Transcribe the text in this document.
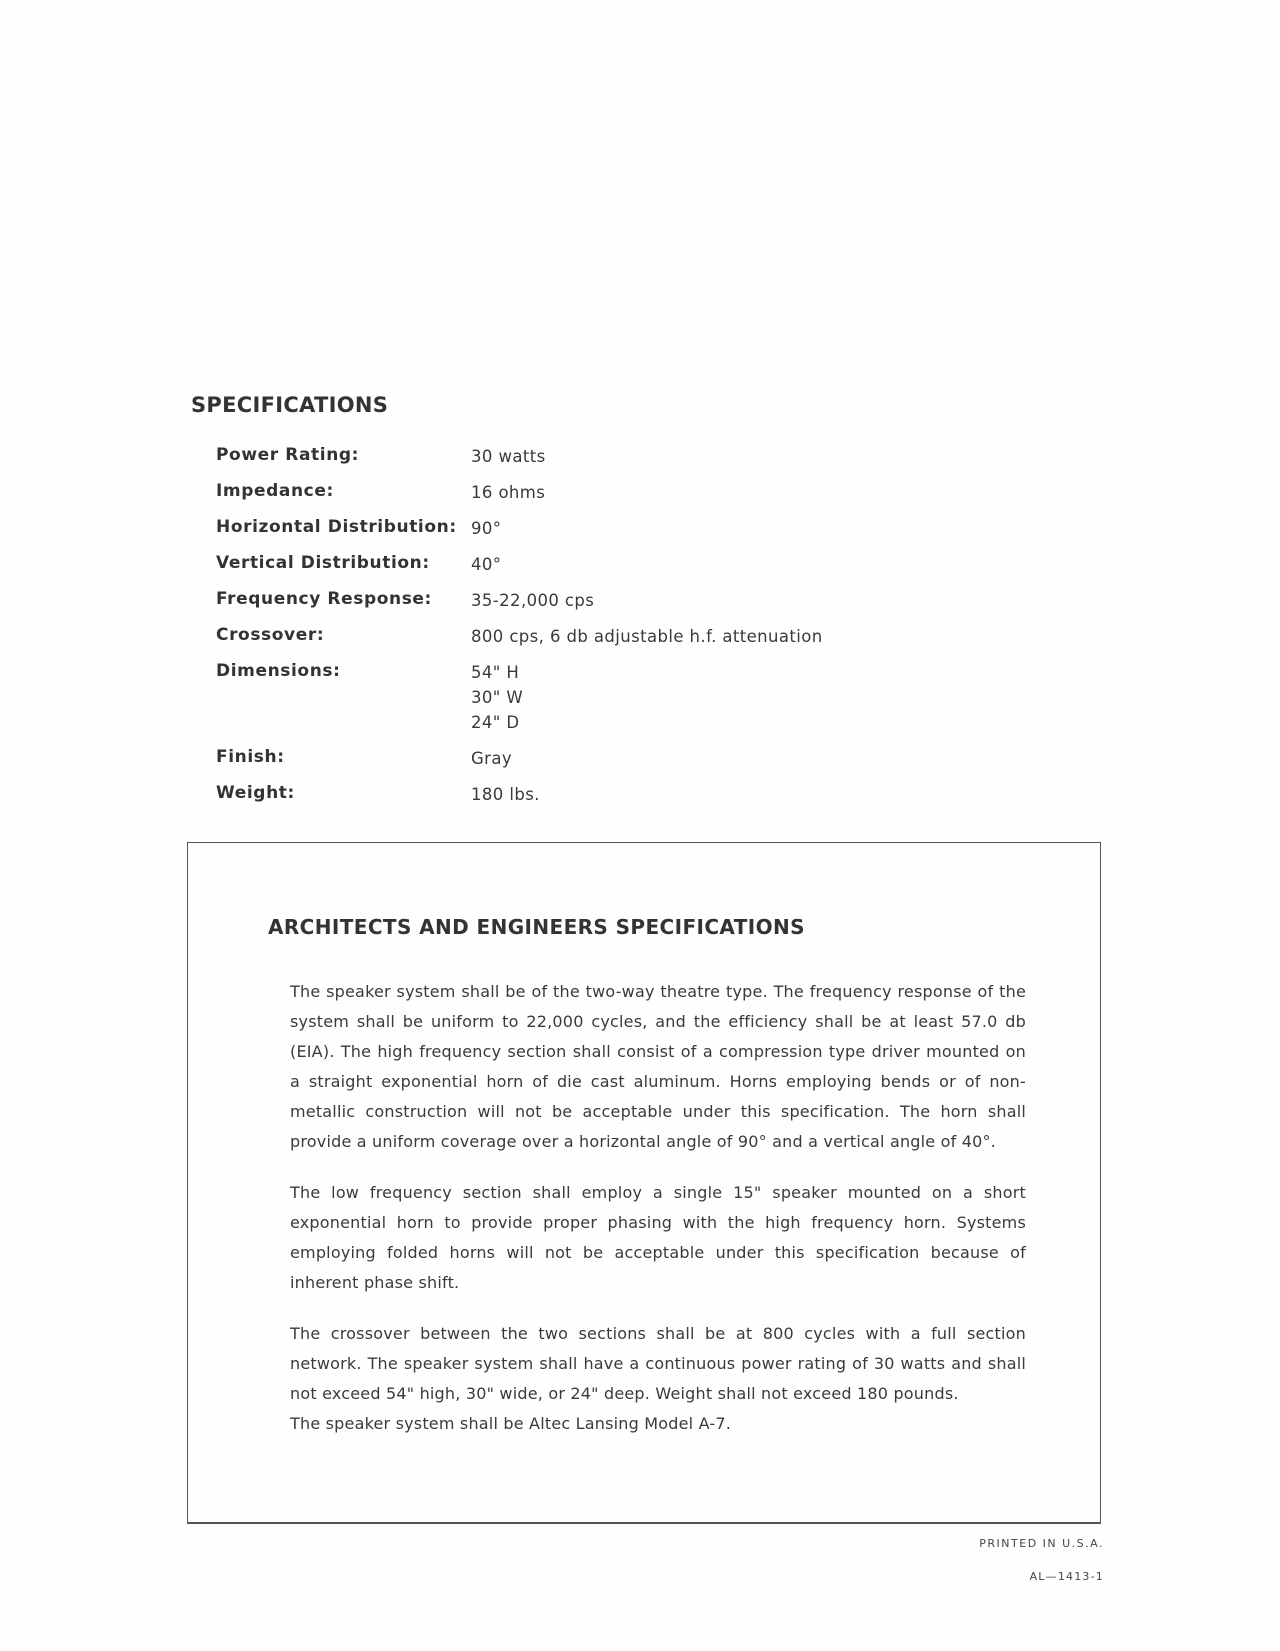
SPECIFICATIONS
Power Rating:	30 watts
Impedance:	16 ohms
Horizontal Distribution: 90°
Vertical Distribution:	40°
Frequency Response:	35-22,000 cps
Crossover:	800 cps, 6 db adjustable h.f. attenuation
Dimensions:	54" H
30" W
24" D
Finish:	Gray
Weight:	180 lbs.
ARCHITECTS AND ENGINEERS SPECIFICATIONS

The speaker system shall be of the two-way theatre type. The frequency response of the system shall be uniform to 22,000 cycles, and the efficiency shall be at least 57.0 db (EIA). The high frequency section shall consist of a compression type driver mounted on a straight exponential horn of die cast aluminum. Horns employing bends or of non-metallic construction will not be acceptable under this specification. The horn shall provide a uniform coverage over a horizontal angle of 90° and a vertical angle of 40°.

The low frequency section shall employ a single 15" speaker mounted on a short exponential horn to provide proper phasing with the high frequency horn. Systems employing folded horns will not be acceptable under this specification because of inherent phase shift.

The crossover between the two sections shall be at 800 cycles with a full section network. The speaker system shall have a continuous power rating of 30 watts and shall not exceed 54" high, 30" wide, or 24" deep. Weight shall not exceed 180 pounds.

The speaker system shall be Altec Lansing Model A-7.

PRINTED IN U.S.A.
AL—1413-1
